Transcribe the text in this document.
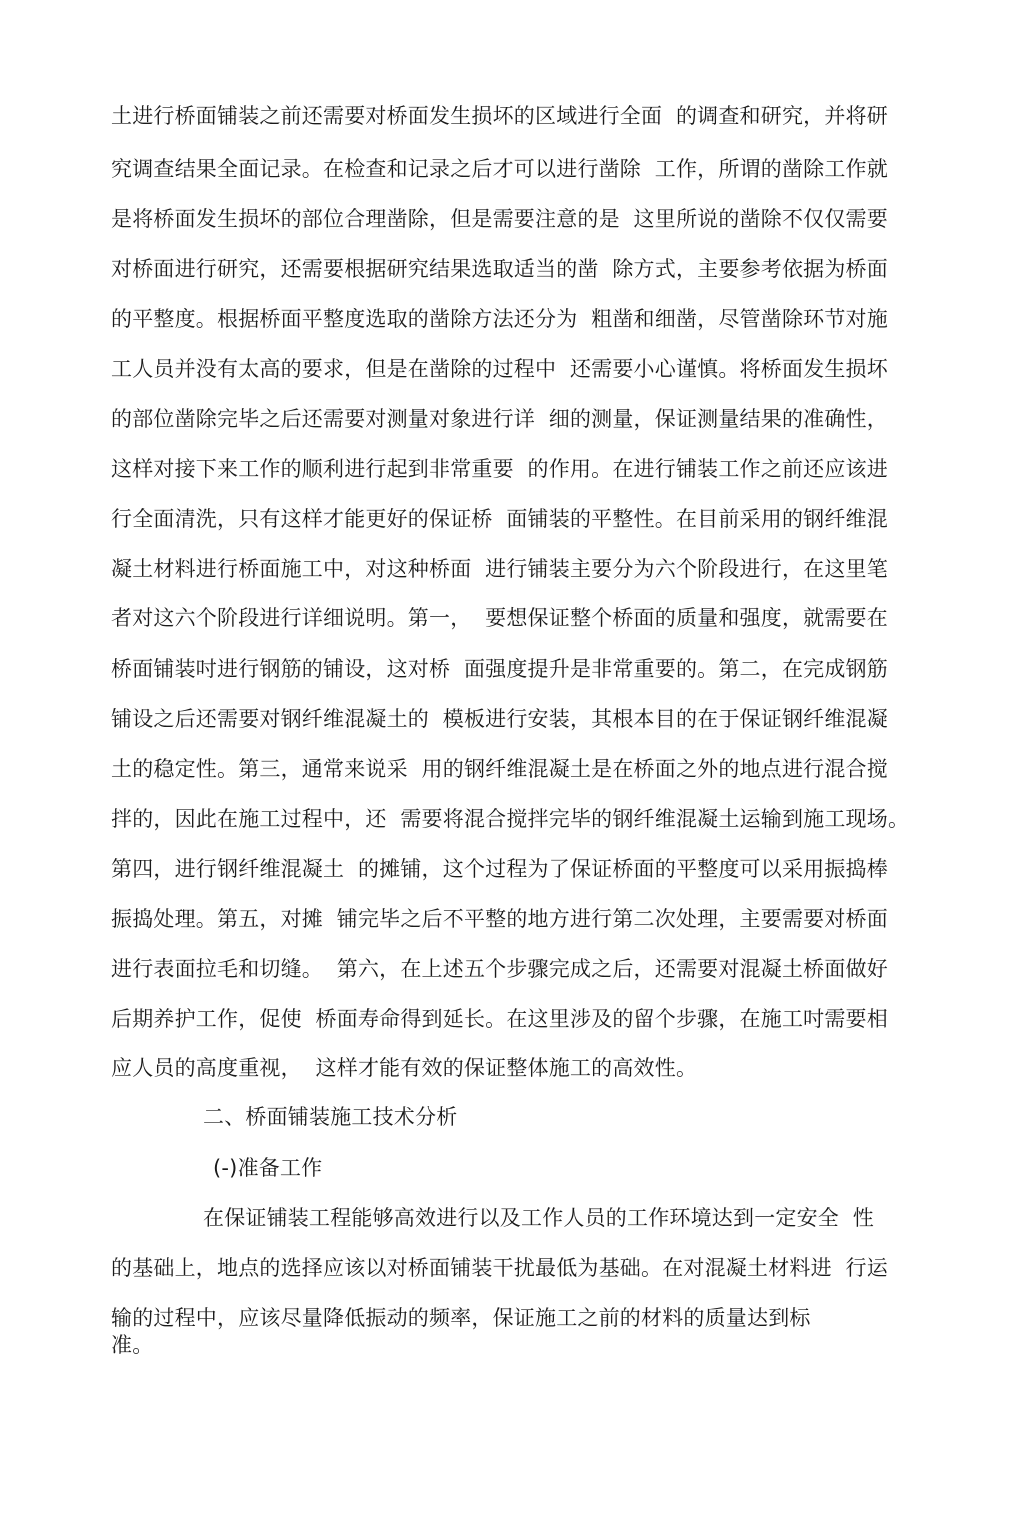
土进行桥面铺装之前还需要对桥面发生损坏的区域进行全面  的调查和研究，并将研
究调查结果全面记录。在检查和记录之后才可以进行凿除  工作，所谓的凿除工作就
是将桥面发生损坏的部位合理凿除，但是需要注意的是  这里所说的凿除不仅仅需要
对桥面进行研究，还需要根据研究结果选取适当的凿  除方式，主要参考依据为桥面
的平整度。根据桥面平整度选取的凿除方法还分为  粗凿和细凿，尽管凿除环节对施
工人员并没有太高的要求，但是在凿除的过程中  还需要小心谨慎。将桥面发生损坏
的部位凿除完毕之后还需要对测量对象进行详  细的测量，保证测量结果的准确性，
这样对接下来工作的顺利进行起到非常重要  的作用。在进行铺装工作之前还应该进
行全面清洗，只有这样才能更好的保证桥  面铺装的平整性。在目前采用的钢纤维混
凝土材料进行桥面施工中，对这种桥面  进行铺装主要分为六个阶段进行，在这里笔
者对这六个阶段进行详细说明。第一，  要想保证整个桥面的质量和强度，就需要在
桥面铺装吋进行钢筋的铺设，这对桥  面强度提升是非常重要的。第二，在完成钢筋
铺设之后还需要对钢纤维混凝土的  模板进行安装，其根本目的在于保证钢纤维混凝
土的稳定性。第三，通常来说采  用的钢纤维混凝土是在桥面之外的地点进行混合搅
拌的，因此在施工过程中，还  需要将混合搅拌完毕的钢纤维混凝土运输到施工现场。
第四，进行钢纤维混凝土  的摊铺，这个过程为了保证桥面的平整度可以采用振捣棒
振捣处理。第五，对摊  铺完毕之后不平整的地方进行第二次处理，主要需要对桥面
进行表面拉毛和切缝。  第六，在上述五个步骤完成之后，还需要对混凝土桥面做好
后期养护工作，促使  桥面寿命得到延长。在这里涉及的留个步骤，在施工吋需要相
应人员的高度重视，  这样才能有效的保证整体施工的高效性。
二、桥面铺装施工技术分析
(-)准备工作
在保证铺装工程能够高效进行以及工作人员的工作环境达到一定安全  性
的基础上，地点的选择应该以对桥面铺装干扰最低为基础。在对混凝土材料进  行运
输的过程中，应该尽量降低振动的频率，保证施工之前的材料的质量达到标
准。
